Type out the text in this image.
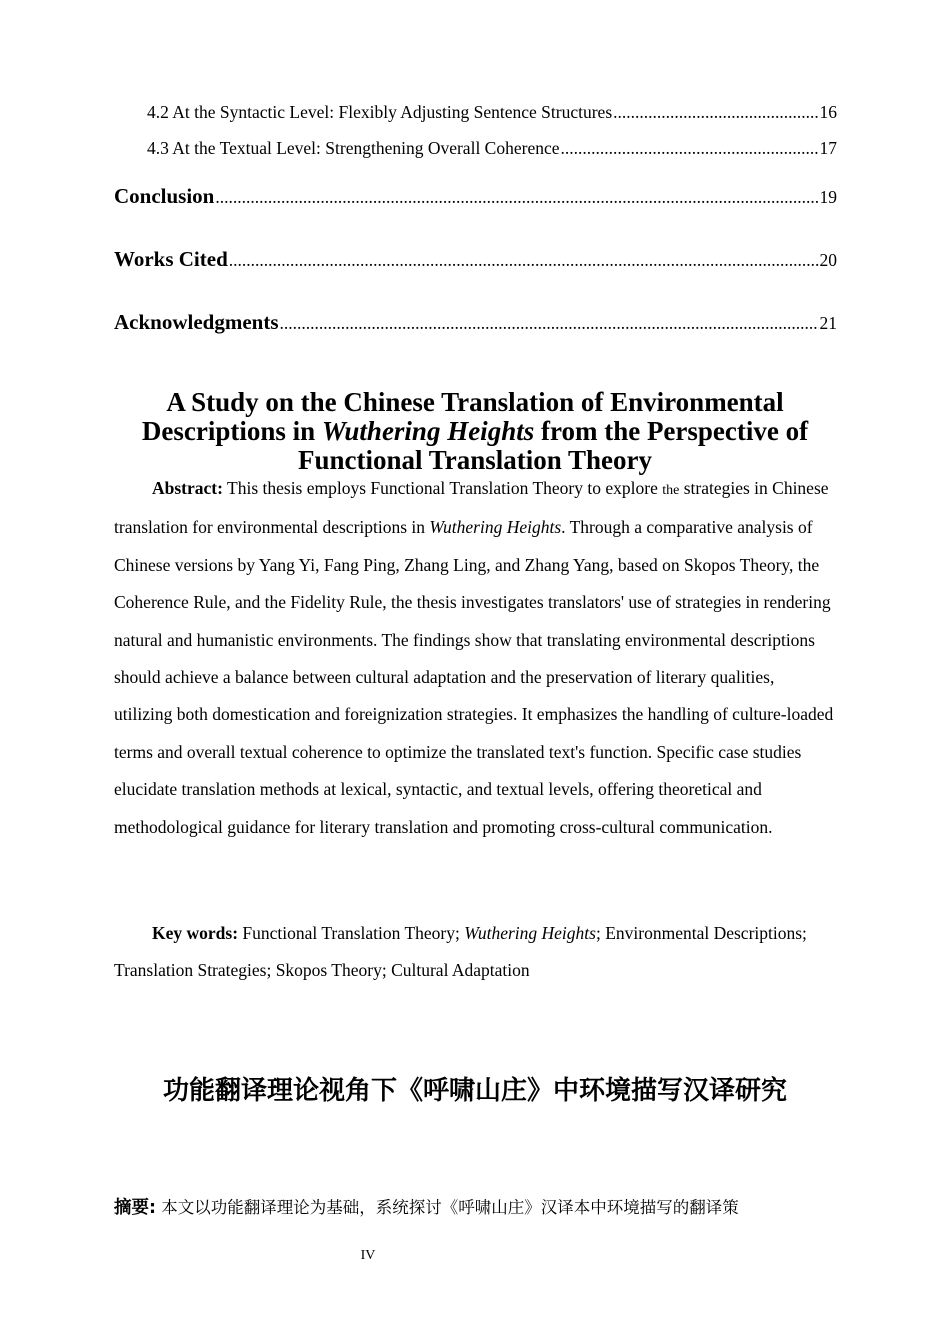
4.2 At the Syntactic Level: Flexibly Adjusting Sentence Structures .....	16
4.3 At the Textual Level: Strengthening Overall Coherence .....	17
Conclusion .....	19
Works Cited .....	20
Acknowledgments .....	21
A Study on the Chinese Translation of Environmental Descriptions in Wuthering Heights from the Perspective of Functional Translation Theory

Abstract: This thesis employs Functional Translation Theory to explore the strategies in Chinese translation for environmental descriptions in Wuthering Heights. Through a comparative analysis of Chinese versions by Yang Yi, Fang Ping, Zhang Ling, and Zhang Yang, based on Skopos Theory, the Coherence Rule, and the Fidelity Rule, the thesis investigates translators' use of strategies in rendering natural and humanistic environments. The findings show that translating environmental descriptions should achieve a balance between cultural adaptation and the preservation of literary qualities, utilizing both domestication and foreignization strategies. It emphasizes the handling of culture-loaded terms and overall textual coherence to optimize the translated text's function. Specific case studies elucidate translation methods at lexical, syntactic, and textual levels, offering theoretical and methodological guidance for literary translation and promoting cross-cultural communication.

Key words: Functional Translation Theory; Wuthering Heights; Environmental Descriptions; Translation Strategies; Skopos Theory; Cultural Adaptation

功能翻译理论视角下《呼啸山庄》中环境描写汉译研究

摘要: 本文以功能翻译理论为基础，系统探讨《呼啸山庄》汉译本中环境描写的翻译策

IV
